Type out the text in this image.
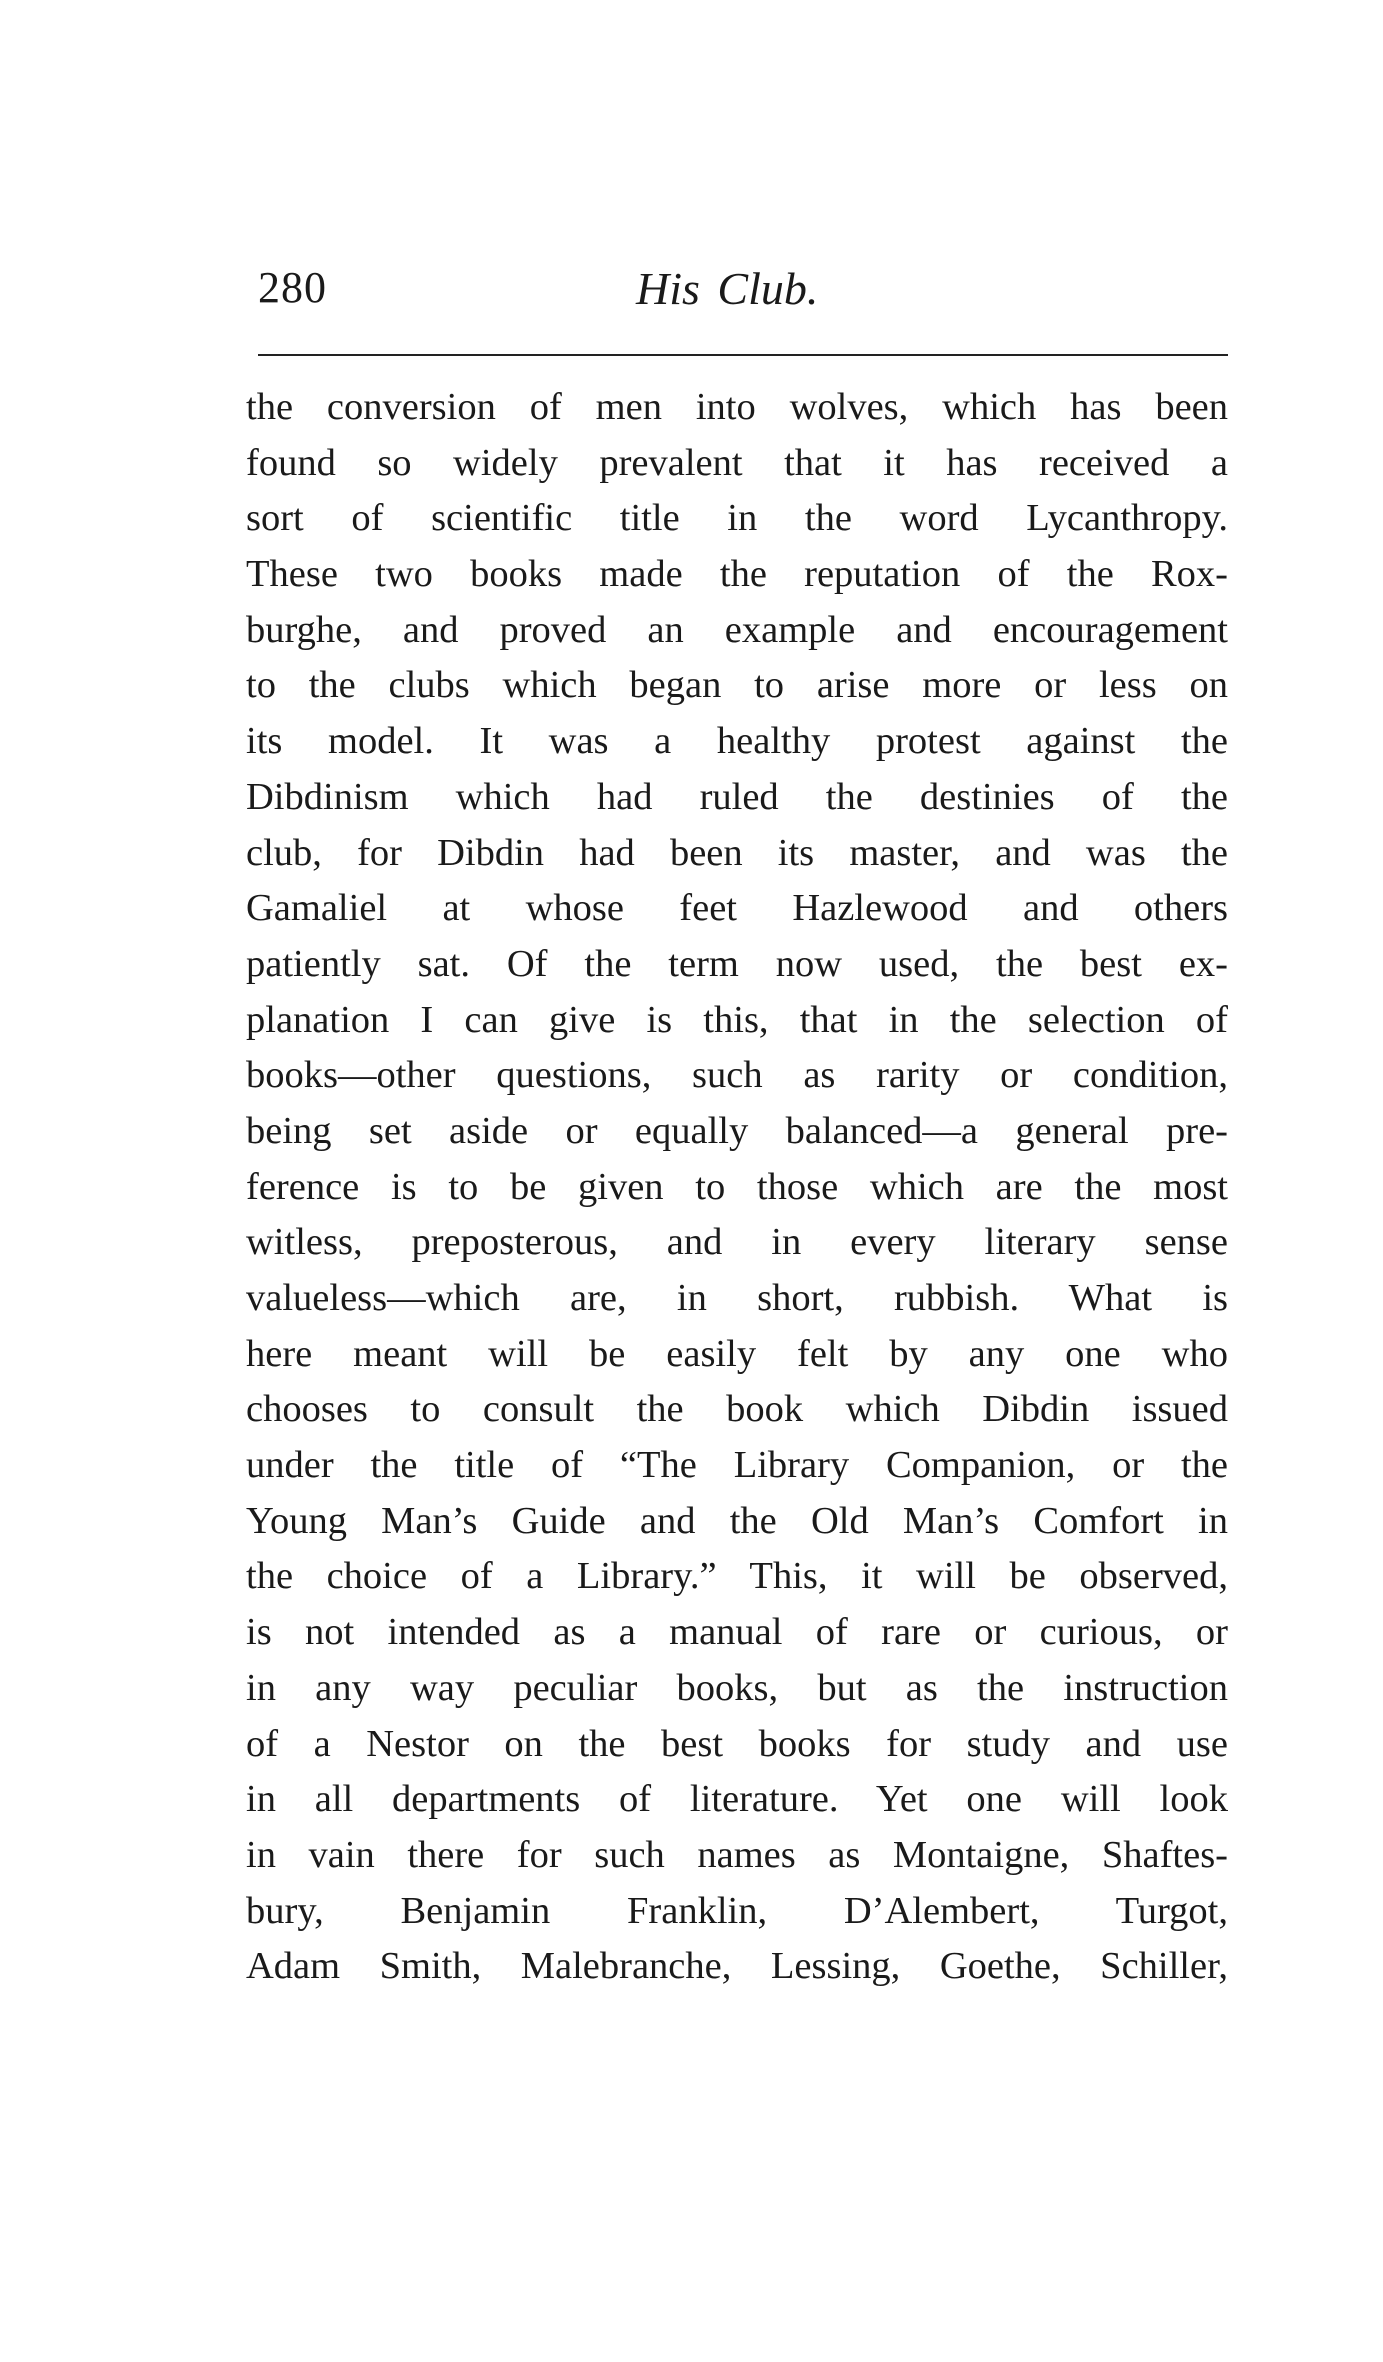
280	His Club.
the conversion of men into wolves, which has been
found so widely prevalent that it has received a
sort of scientific title in the word Lycanthropy.
These two books made the reputation of the Rox-
burghe, and proved an example and encouragement
to the clubs which began to arise more or less on
its model. It was a healthy protest against the
Dibdinism which had ruled the destinies of the
club, for Dibdin had been its master, and was the
Gamaliel at whose feet Hazlewood and others
patiently sat. Of the term now used, the best ex-
planation I can give is this, that in the selection of
books—other questions, such as rarity or condition,
being set aside or equally balanced—a general pre-
ference is to be given to those which are the most
witless, preposterous, and in every literary sense
valueless—which are, in short, rubbish. What is
here meant will be easily felt by any one who
chooses to consult the book which Dibdin issued
under the title of “The Library Companion, or the
Young Man’s Guide and the Old Man’s Comfort in
the choice of a Library.” This, it will be observed,
is not intended as a manual of rare or curious, or
in any way peculiar books, but as the instruction
of a Nestor on the best books for study and use
in all departments of literature. Yet one will look
in vain there for such names as Montaigne, Shaftes-
bury, Benjamin Franklin, D’Alembert, Turgot,
Adam Smith, Malebranche, Lessing, Goethe, Schiller,
